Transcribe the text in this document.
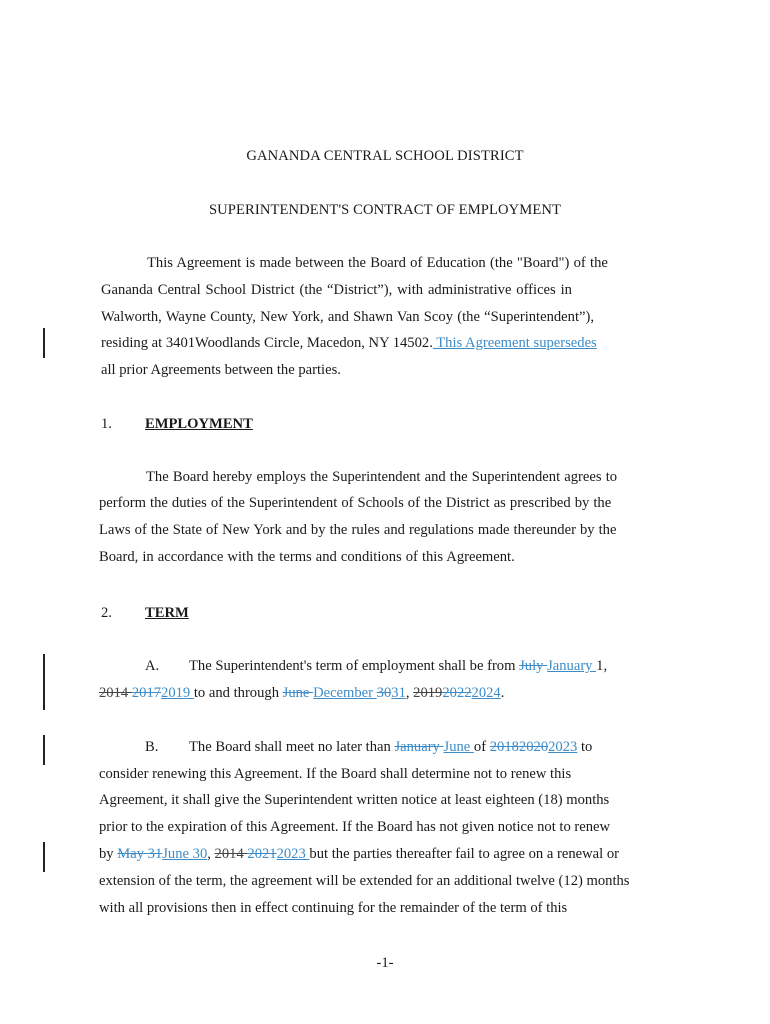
GANANDA CENTRAL SCHOOL DISTRICT
SUPERINTENDENT'S CONTRACT OF EMPLOYMENT
This Agreement is made between the Board of Education (the "Board") of the
Gananda Central School District (the “District”), with administrative offices in
Walworth, Wayne County, New York, and Shawn Van Scoy (the “Superintendent”),
residing at 3401Woodlands Circle, Macedon, NY 14502. This Agreement supersedes
all prior Agreements between the parties.
1. EMPLOYMENT
The Board hereby employs the Superintendent and the Superintendent agrees to
perform the duties of the Superintendent of Schools of the District as prescribed by the
Laws of the State of New York and by the rules and regulations made thereunder by the
Board, in accordance with the terms and conditions of this Agreement.
2. TERM
A. The Superintendent's term of employment shall be from July January 1,
2014 20172019 to and through June December 3031, 201920222024.
B. The Board shall meet no later than January June of 201820202023 to
consider renewing this Agreement. If the Board shall determine not to renew this
Agreement, it shall give the Superintendent written notice at least eighteen (18) months
prior to the expiration of this Agreement. If the Board has not given notice not to renew
by May 31June 30, 2014 20212023 but the parties thereafter fail to agree on a renewal or
extension of the term, the agreement will be extended for an additional twelve (12) months
with all provisions then in effect continuing for the remainder of the term of this
-1-
